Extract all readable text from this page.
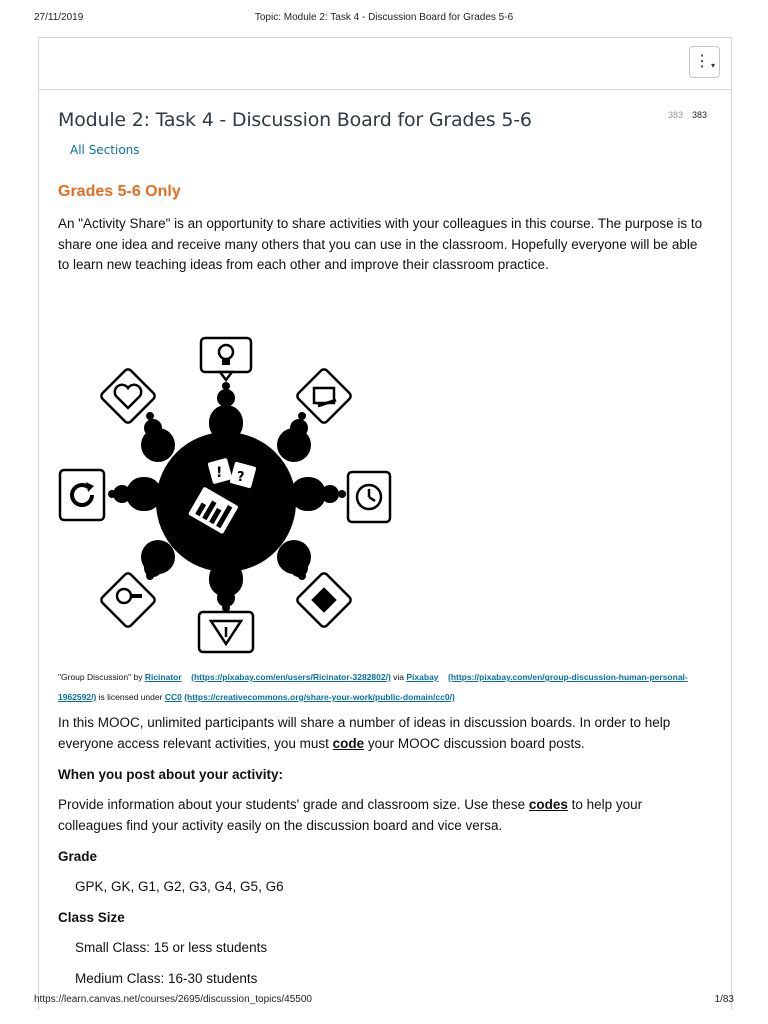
27/11/2019	Topic: Module 2: Task 4 - Discussion Board for Grades 5-6
⋮ ▾
Module 2: Task 4 - Discussion Board for Grades 5-6	383 383
All Sections
Grades 5-6 Only

An "Activity Share" is an opportunity to share activities with your colleagues in this course. The purpose is to share one idea and receive many others that you can use in the classroom. Hopefully everyone will be able to learn new teaching ideas from each other and improve their classroom practice.

! ?
"Group Discussion" by Ricinator (https://pixabay.com/en/users/Ricinator-3282802/) via Pixabay (https://pixabay.com/en/group-discussion-human-personal-1962592/) is licensed under CC0 (https://creativecommons.org/share-your-work/public-domain/cc0/)

In this MOOC, unlimited participants will share a number of ideas in discussion boards. In order to help everyone access relevant activities, you must code your MOOC discussion board posts.

When you post about your activity:

Provide information about your students' grade and classroom size. Use these codes to help your colleagues find your activity easily on the discussion board and vice versa.

Grade
GPK, GK, G1, G2, G3, G4, G5, G6
Class Size
Small Class: 15 or less students
Medium Class: 16-30 students
https://learn.canvas.net/courses/2695/discussion_topics/45500	1/83
